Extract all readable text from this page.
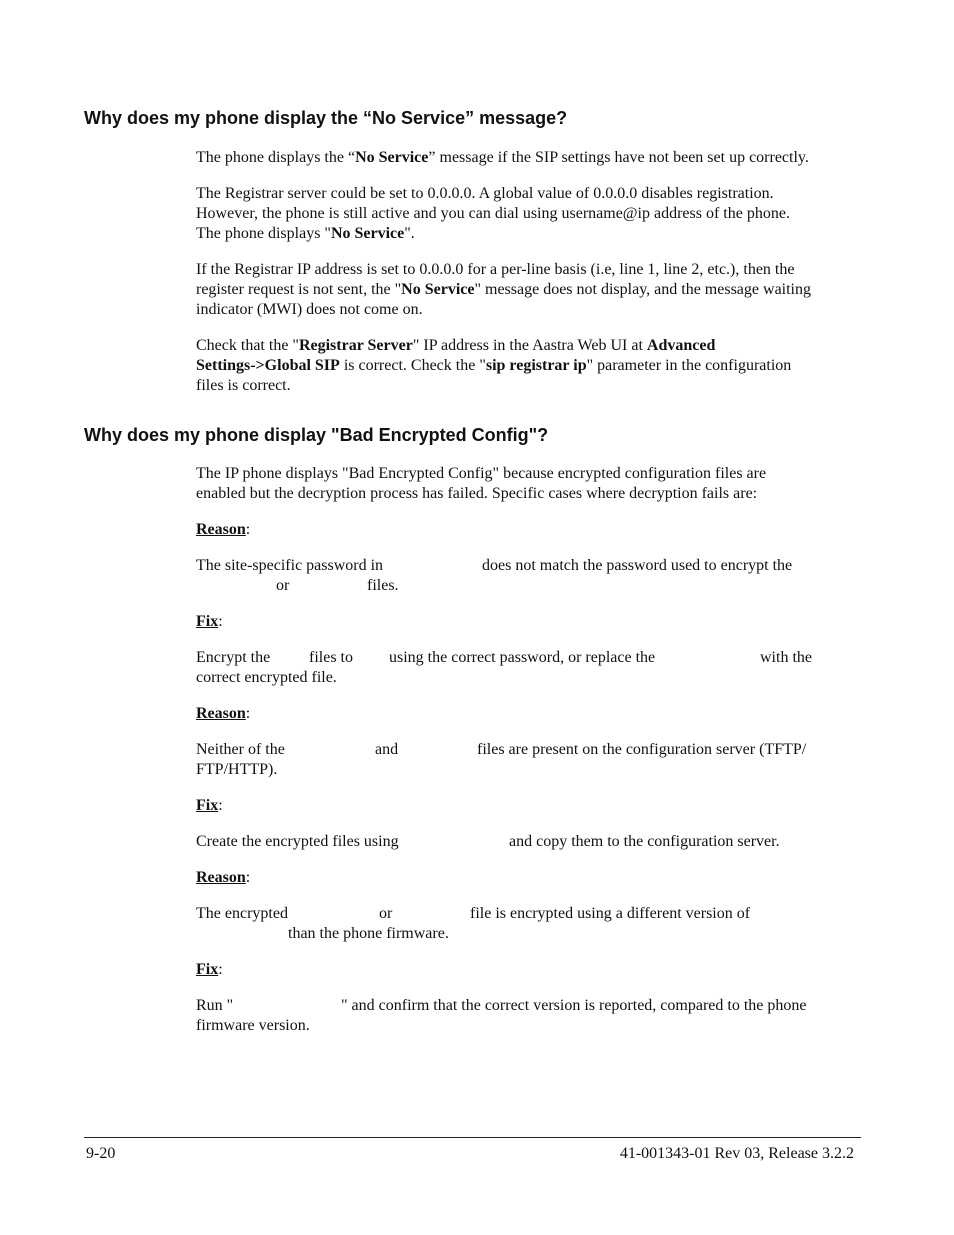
Why does my phone display the “No Service” message?

The phone displays the “No Service” message if the SIP settings have not been set up correctly.

The Registrar server could be set to 0.0.0.0. A global value of 0.0.0.0 disables registration.
However, the phone is still active and you can dial using username@ip address of the phone.
The phone displays "No Service".

If the Registrar IP address is set to 0.0.0.0 for a per-line basis (i.e, line 1, line 2, etc.), then the
register request is not sent, the "No Service" message does not display, and the message waiting
indicator (MWI) does not come on.

Check that the "Registrar Server" IP address in the Aastra Web UI at Advanced
Settings->Global SIP is correct. Check the "sip registrar ip" parameter in the configuration
files is correct.

Why does my phone display "Bad Encrypted Config"?

The IP phone displays "Bad Encrypted Config" because encrypted configuration files are
enabled but the decryption process has failed. Specific cases where decryption fails are:

Reason:

The site-specific password in	does not match the password used to encrypt the
or	files.

Fix:

Encrypt the files to using the correct password, or replace the	with the
correct encrypted file.

Reason:

Neither of the	and	files are present on the configuration server (TFTP/
FTP/HTTP).

Fix:

Create the encrypted files using	and copy them to the configuration server.

Reason:

The encrypted	or	file is encrypted using a different version of
than the phone firmware.

Fix:

Run "	" and confirm that the correct version is reported, compared to the phone
firmware version.
9-20	41-001343-01 Rev 03, Release 3.2.2
